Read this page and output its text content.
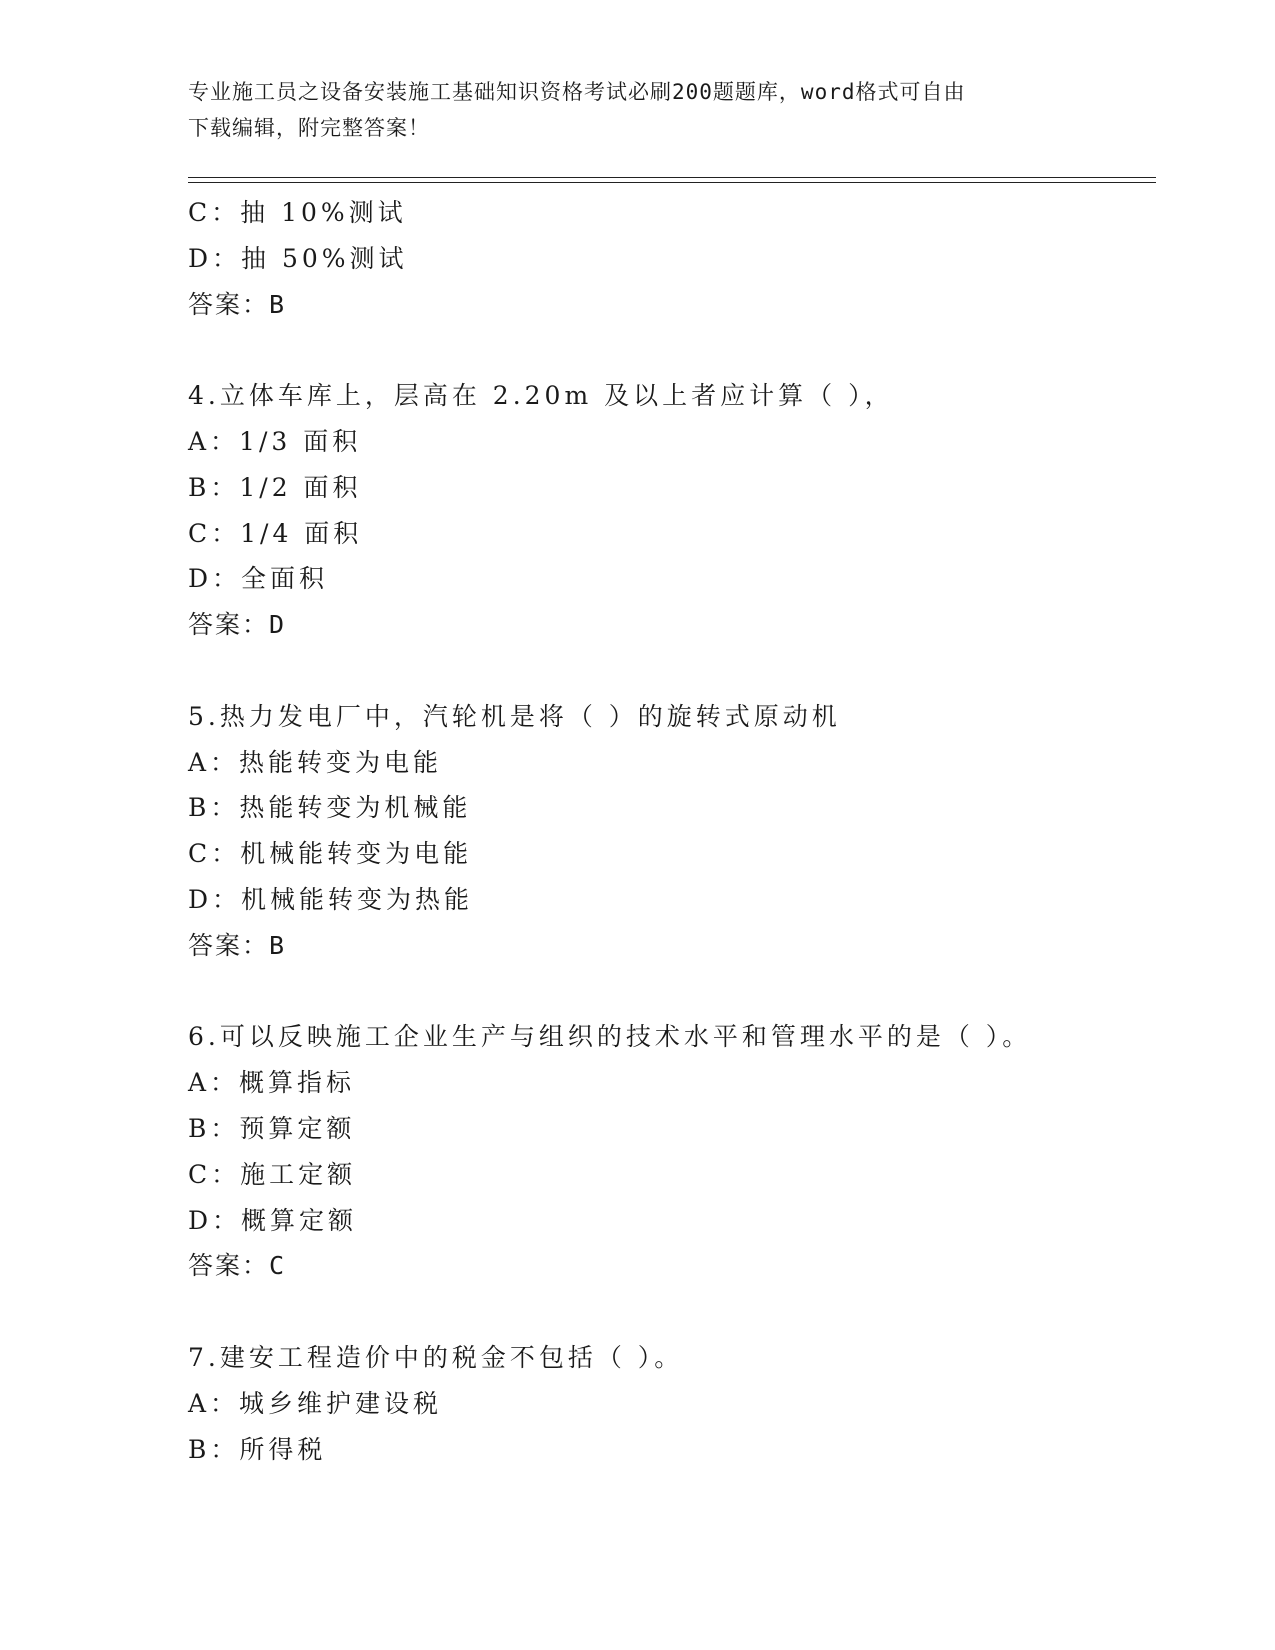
专业施工员之设备安装施工基础知识资格考试必刷200题题库，word格式可自由
下载编辑，附完整答案！
C：抽 10%测试
D：抽 50%测试
答案：B
4.立体车库上，层高在 2.20m 及以上者应计算（ ），
A：1/3 面积
B：1/2 面积
C：1/4 面积
D：全面积
答案：D
5.热力发电厂中，汽轮机是将（ ）的旋转式原动机
A：热能转变为电能
B：热能转变为机械能
C：机械能转变为电能
D：机械能转变为热能
答案：B
6.可以反映施工企业生产与组织的技术水平和管理水平的是（ ）。
A：概算指标
B：预算定额
C：施工定额
D：概算定额
答案：C
7.建安工程造价中的税金不包括（ ）。
A：城乡维护建设税
B：所得税
